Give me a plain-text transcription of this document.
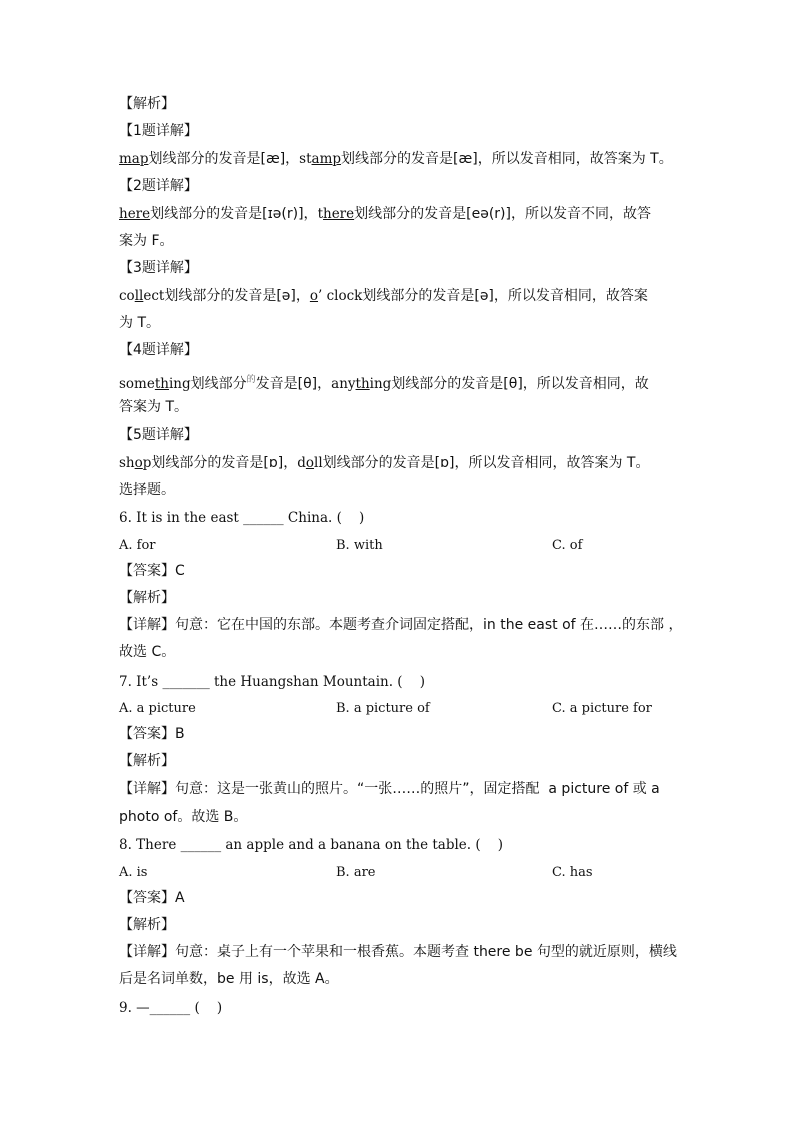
【解析】
【1题详解】
map划线部分的发音是[æ]，stamp划线部分的发音是[æ]，所以发音相同，故答案为 T。
【2题详解】
here划线部分的发音是[ɪə(r)]，there划线部分的发音是[eə(r)]，所以发音不同，故答
案为 F。
【3题详解】
collect划线部分的发音是[ə]，o’ clock划线部分的发音是[ə]，所以发音相同，故答案
为 T。
【4题详解】
something划线部分$^的$发音是[θ]，anything划线部分的发音是[θ]，所以发音相同，故
答案为 T。
【5题详解】
shop划线部分的发音是[ɒ]，doll划线部分的发音是[ɒ]，所以发音相同，故答案为 T。
选择题。
6. It is in the east ______ China. (    )
A. for	B. with	C. of
【答案】C
【解析】
【详解】句意：它在中国的东部。本题考查介词固定搭配，in the east of 在……的东部 ，
故选 C。
7. It’s _______ the Huangshan Mountain. (    )
A. a picture	B. a picture of	C. a picture for
【答案】B
【解析】
【详解】句意：这是一张黄山的照片。“一张……的照片”，固定搭配  a picture of 或 a
photo of。故选 B。
8. There ______ an apple and a banana on the table. (    )
A. is	B. are	C. has
【答案】A
【解析】
【详解】句意：桌子上有一个苹果和一根香蕉。本题考查 there be 句型的就近原则，横线
后是名词单数，be 用 is，故选 A。
9. —______ (    )
